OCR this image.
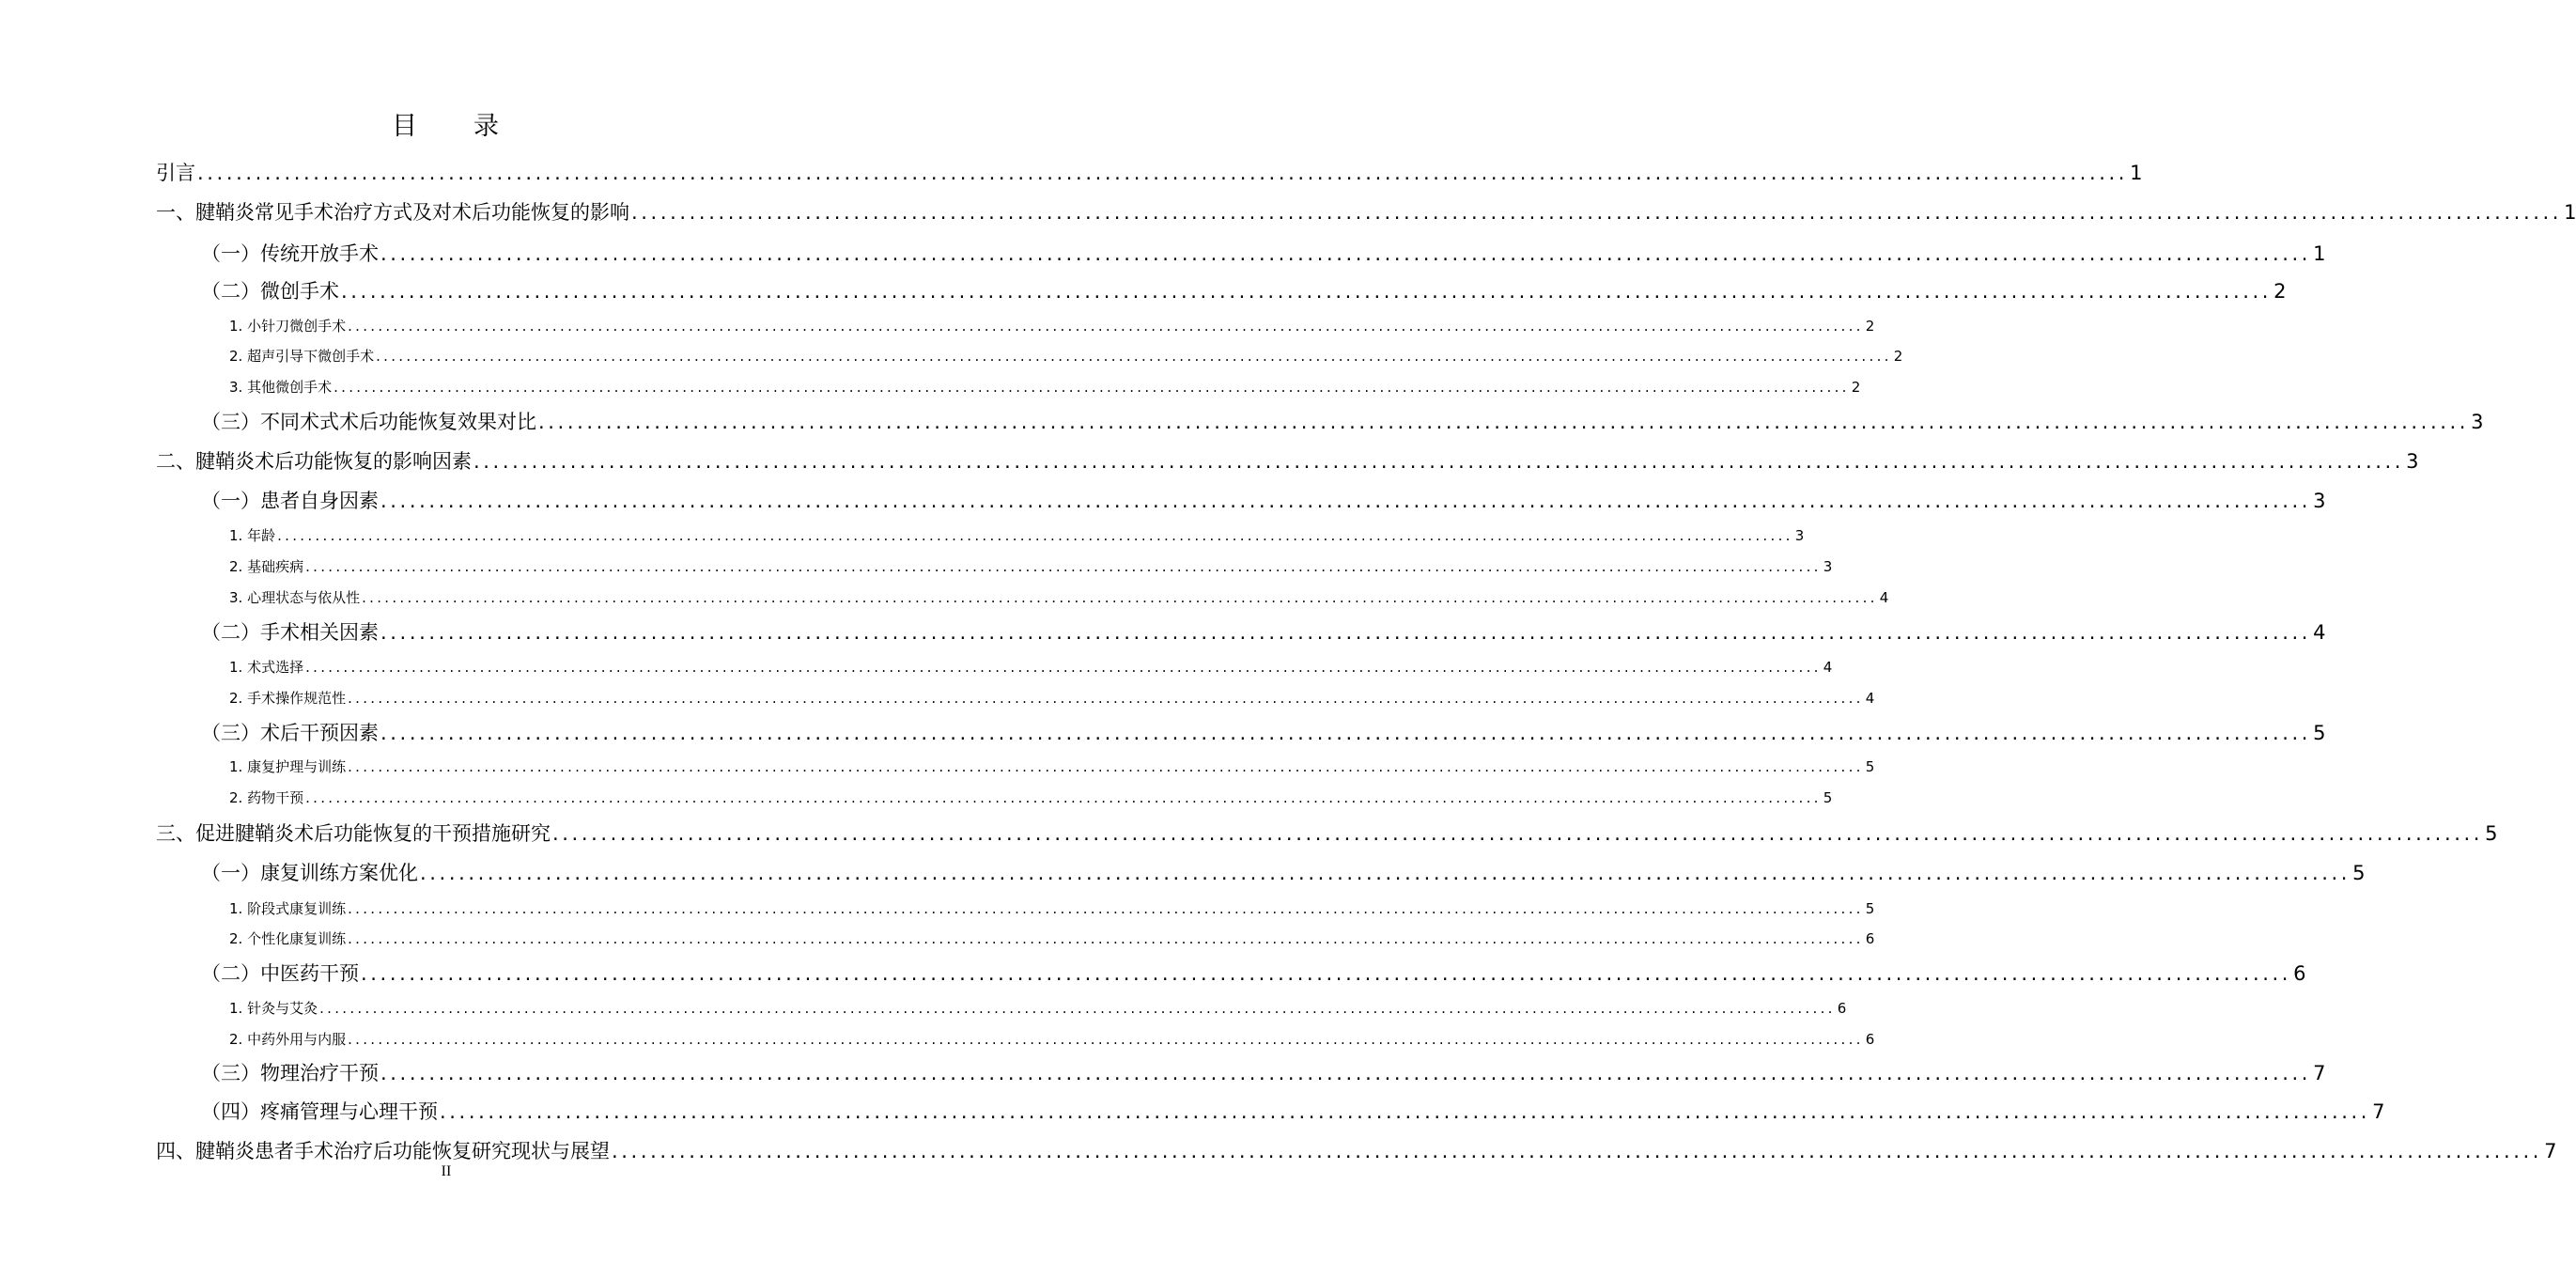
目 录
引言 ........................................................................................................................................................................................................ 1
一、腱鞘炎常见手术治疗方式及对术后功能恢复的影响 ........................................................................................................................................................................................................ 1
（一）传统开放手术 ........................................................................................................................................................................................................ 1
（二）微创手术 ........................................................................................................................................................................................................ 2
1. 小针刀微创手术 ........................................................................................................................................................................................................ 2
2. 超声引导下微创手术 ........................................................................................................................................................................................................ 2
3. 其他微创手术 ........................................................................................................................................................................................................ 2
（三）不同术式术后功能恢复效果对比 ........................................................................................................................................................................................................ 3
二、腱鞘炎术后功能恢复的影响因素 ........................................................................................................................................................................................................ 3
（一）患者自身因素 ........................................................................................................................................................................................................ 3
1. 年龄 ........................................................................................................................................................................................................ 3
2. 基础疾病 ........................................................................................................................................................................................................ 3
3. 心理状态与依从性 ........................................................................................................................................................................................................ 4
（二）手术相关因素 ........................................................................................................................................................................................................ 4
1. 术式选择 ........................................................................................................................................................................................................ 4
2. 手术操作规范性 ........................................................................................................................................................................................................ 4
（三）术后干预因素 ........................................................................................................................................................................................................ 5
1. 康复护理与训练 ........................................................................................................................................................................................................ 5
2. 药物干预 ........................................................................................................................................................................................................ 5
三、促进腱鞘炎术后功能恢复的干预措施研究 ........................................................................................................................................................................................................ 5
（一）康复训练方案优化 ........................................................................................................................................................................................................ 5
1. 阶段式康复训练 ........................................................................................................................................................................................................ 5
2. 个性化康复训练 ........................................................................................................................................................................................................ 6
（二）中医药干预 ........................................................................................................................................................................................................ 6
1. 针灸与艾灸 ........................................................................................................................................................................................................ 6
2. 中药外用与内服 ........................................................................................................................................................................................................ 6
（三）物理治疗干预 ........................................................................................................................................................................................................ 7
（四）疼痛管理与心理干预 ........................................................................................................................................................................................................ 7
四、腱鞘炎患者手术治疗后功能恢复研究现状与展望 ........................................................................................................................................................................................................ 7
II
